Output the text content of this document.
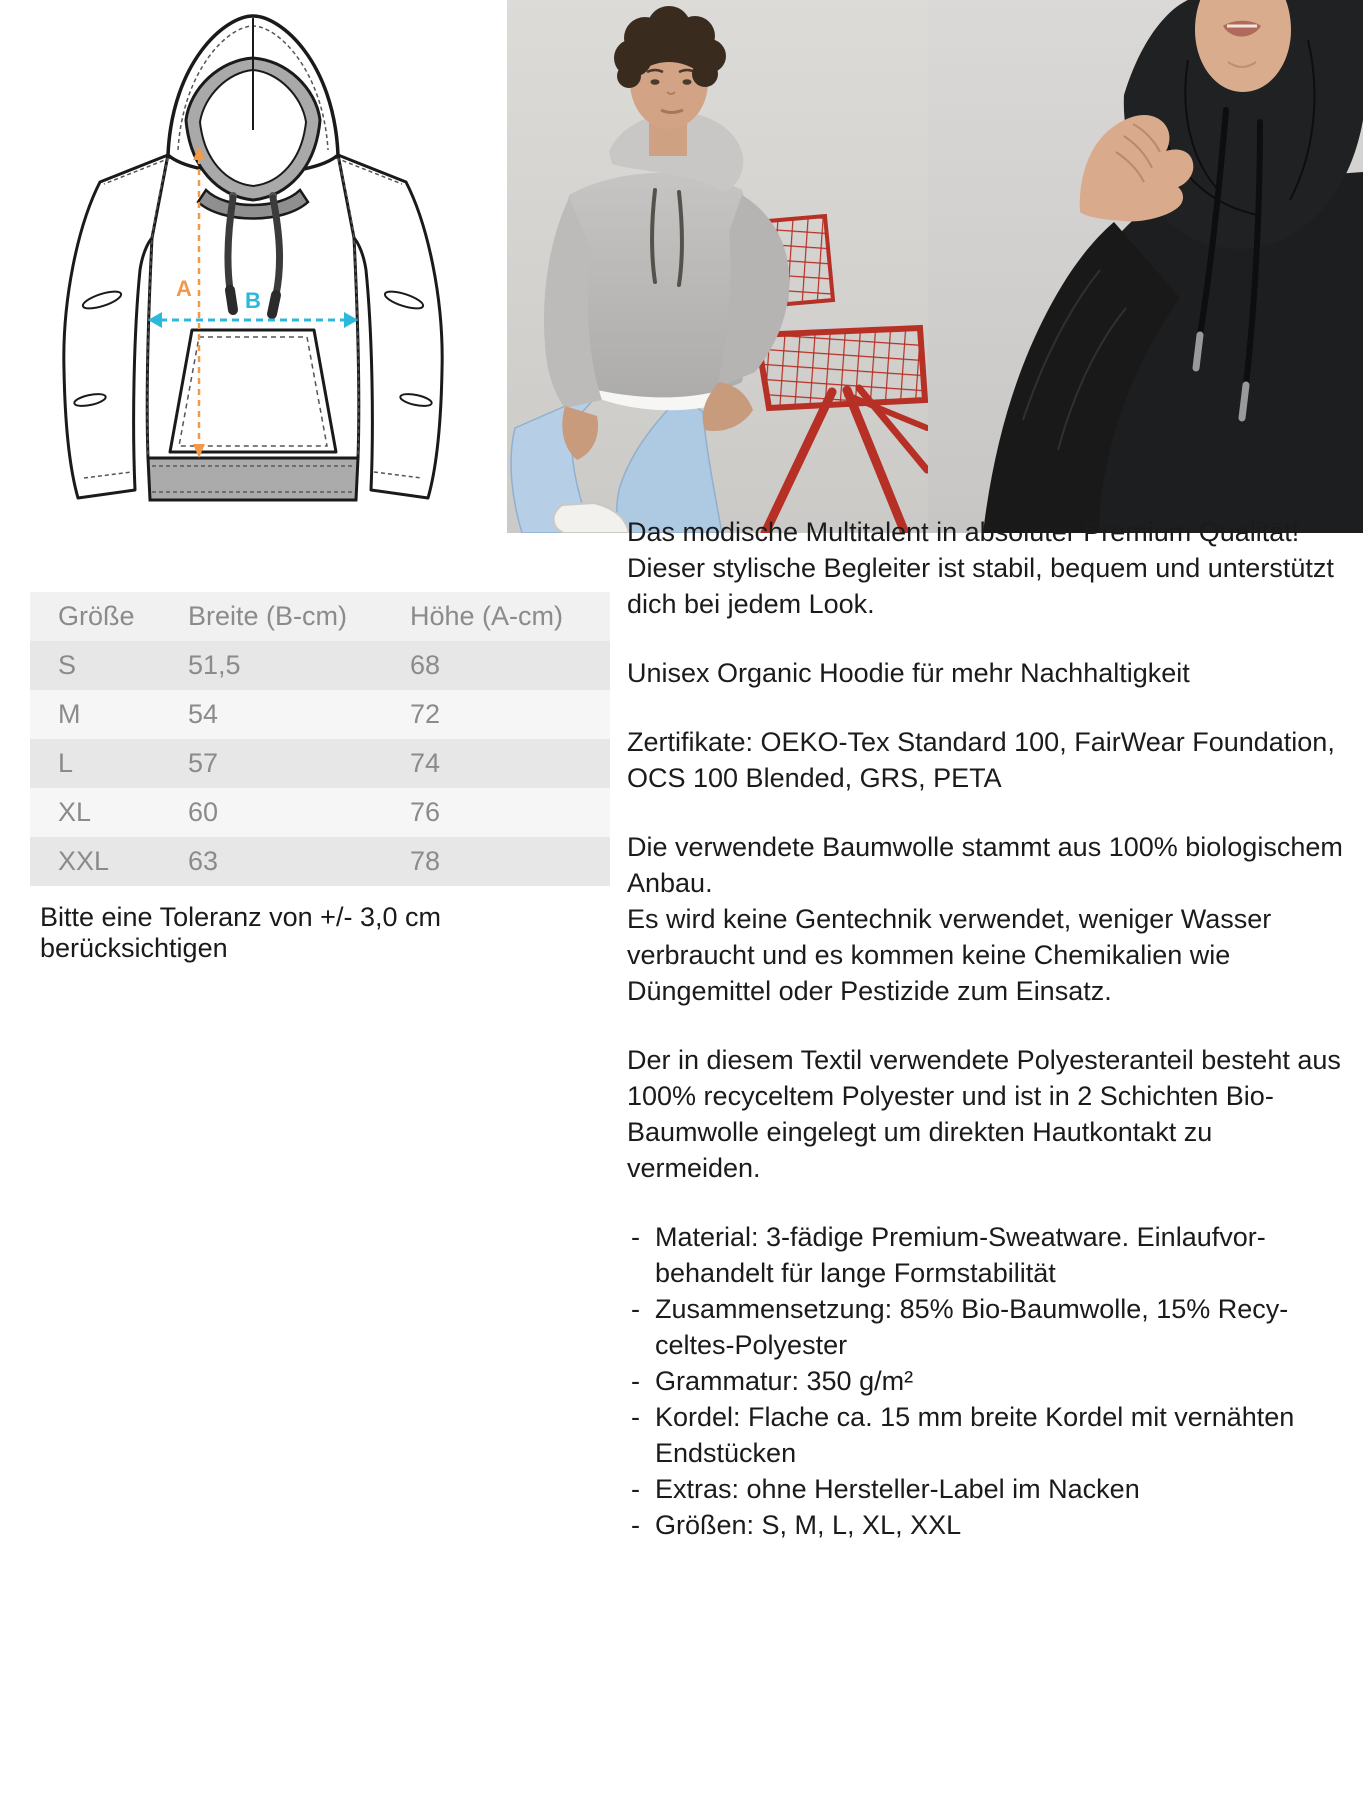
A B
Größe	Breite (B-cm)	Höhe (A-cm)
S	51,5	68
M	54	72
L	57	74
XL	60	76
XXL	63	78
Bitte eine Toleranz von +/- 3,0 cm berücksichtigen

Das modische Multitalent in absoluter Premium Qualität! Dieser stylische Begleiter ist stabil, bequem und unterstützt dich bei jedem Look.

Unisex Organic Hoodie für mehr Nachhaltigkeit

Zertifikate: OEKO-Tex Standard 100, FairWear Foundation, OCS 100 Blended, GRS, PETA

Die verwendete Baumwolle stammt aus 100% biologischem Anbau.

Es wird keine Gentechnik verwendet, weniger Wasser verbraucht und es kommen keine Chemikalien wie Düngemittel oder Pestizide zum Einsatz.

Der in diesem Textil verwendete Polyesteranteil besteht aus 100% recyceltem Polyester und ist in 2 Schichten Bio-Baumwolle eingelegt um direkten Hautkontakt zu vermeiden.

- Material: 3-fädige Premium-Sweatware. Einlaufvorbehandelt für lange Formstabilität
- Zusammensetzung: 85% Bio-Baumwolle, 15% Recyceltes-Polyester
- Grammatur: 350 g/m²
- Kordel: Flache ca. 15 mm breite Kordel mit vernähten Endstücken
- Extras: ohne Hersteller-Label im Nacken
- Größen: S, M, L, XL, XXL
